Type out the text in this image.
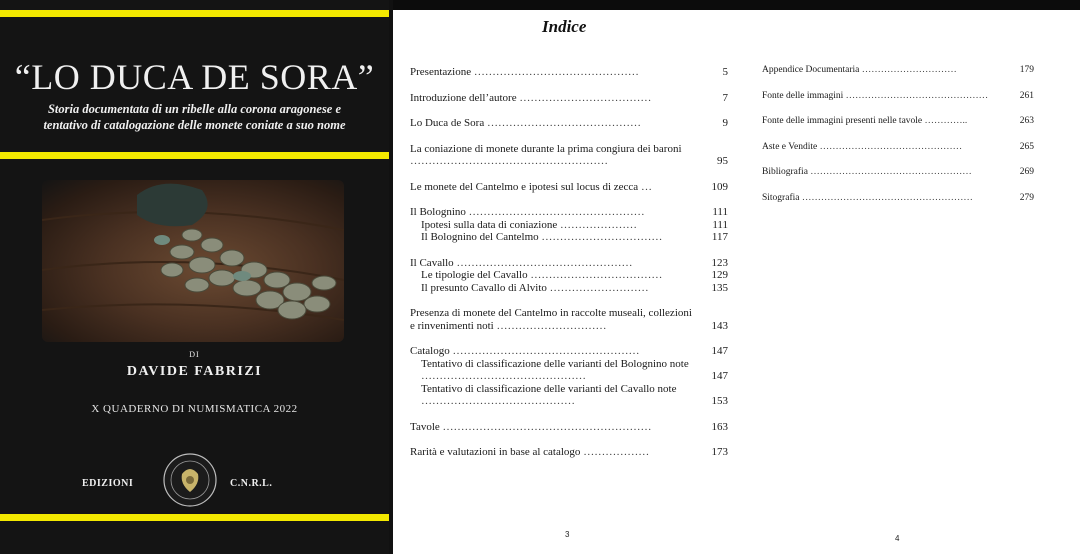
“LO DUCA DE SORA”
Storia documentata di un ribelle alla corona aragonese e
tentativo di catalogazione delle monete coniate a suo nome
DI
DAVIDE FABRIZI
X QUADERNO DI NUMISMATICA 2022
EDIZIONI	C.N.R.L.
Indice
Presentazione ………………………………………	5
Introduzione dell’autore ………………………………	7
Lo Duca de Sora ……………………………………	9
La coniazione di monete durante la prima congiura dei baroni ………………………………………………	95
Le monete del Cantelmo e ipotesi sul locus di zecca …	109
Il Bolognino …………………………………………	111
Ipotesi sulla data di coniazione …………………	111
Il Bolognino del Cantelmo ……………………………	117
Il Cavallo …………………………………………	123
Le tipologie del Cavallo ………………………………	129
Il presunto Cavallo di Alvito ………………………	135
Presenza di monete del Cantelmo in raccolte museali, collezioni e rinvenimenti noti …………………………	143
Catalogo ……………………………………………	147
Tentativo di classificazione delle varianti del Bolognino note ………………………………………	147
Tentativo di classificazione delle varianti del Cavallo note ……………………………………	153
Tavole …………………………………………………	163
Rarità e valutazioni in base al catalogo ………………	173
Appendice Documentaria …………………………	179
Fonte delle immagini ………………………………………	261
Fonte delle immagini presenti nelle tavole …………..	263
Aste e Vendite ………………………………………	265
Bibliografia ……………………………………………	269
Sitografia ………………………………………………	279
3	4
